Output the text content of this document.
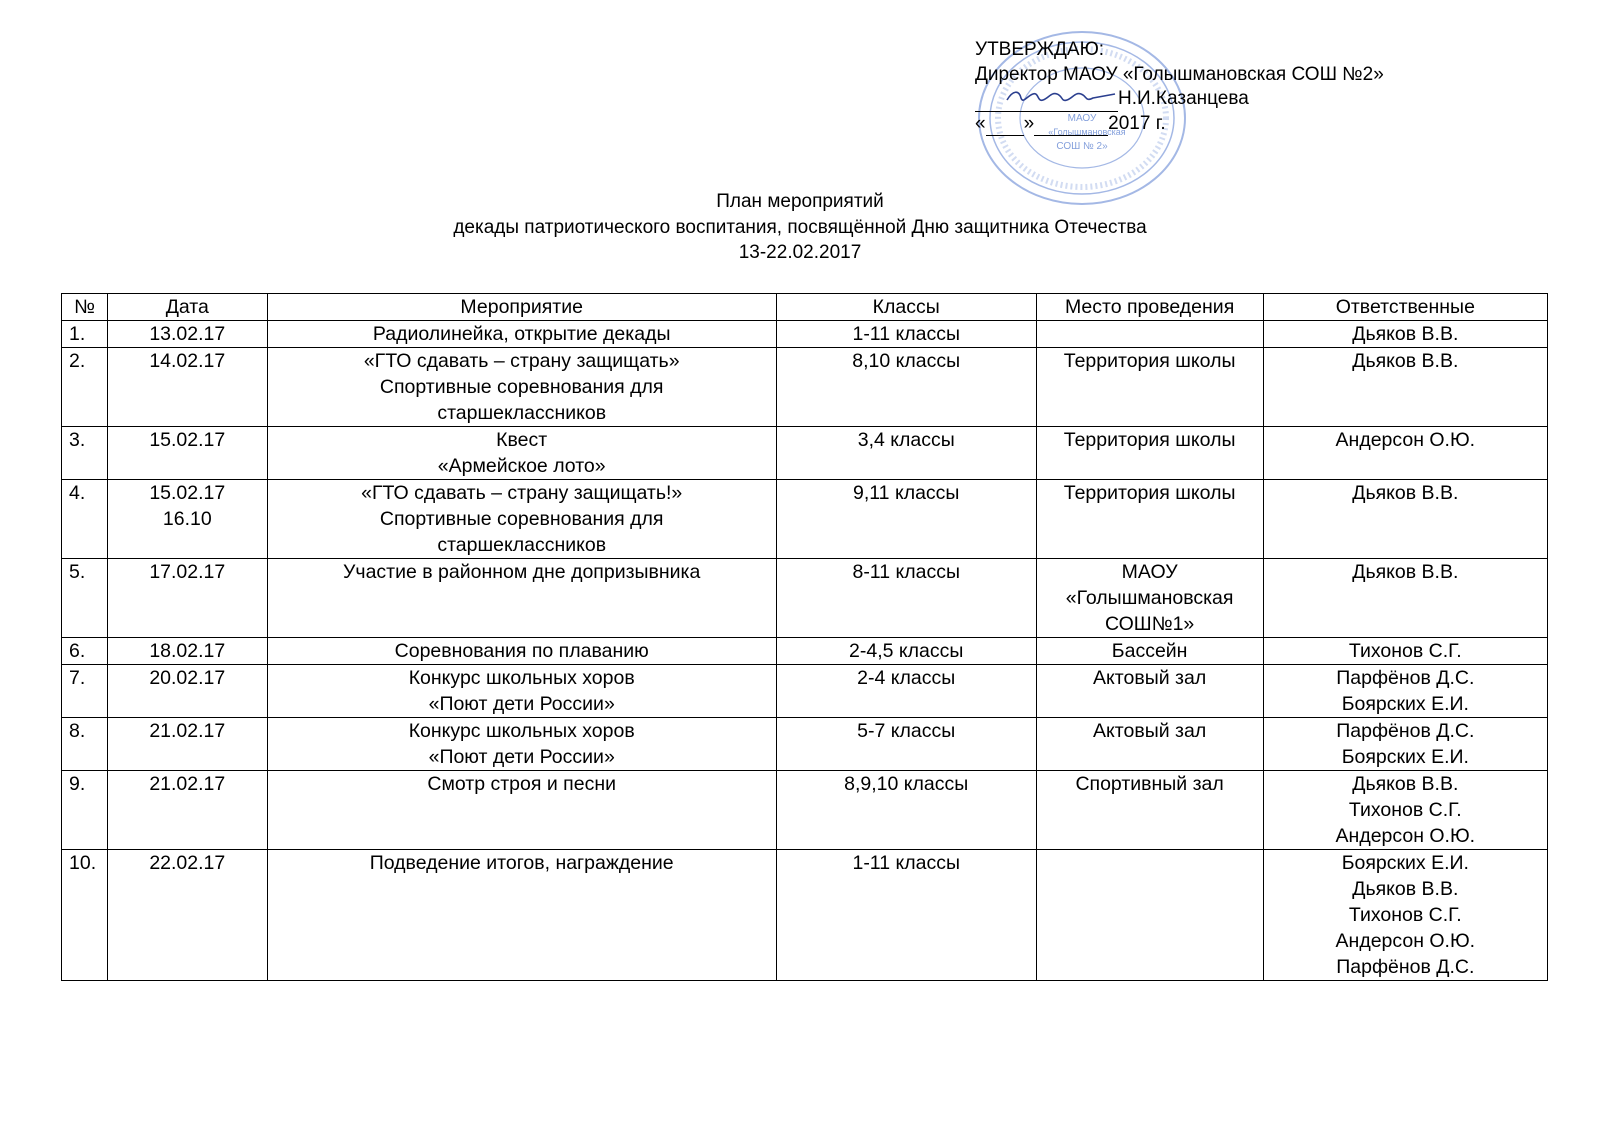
МАОУ
«Голышмановская
СОШ № 2»
УТВЕРЖДАЮ:
Директор МАОУ «Голышмановская СОШ №2»
Н.И.Казанцева
« »	2017 г.
План мероприятий
декады патриотического воспитания, посвящённой Дню защитника Отечества
13-22.02.2017
№	Дата	Мероприятие	Классы	Место проведения	Ответственные
1.	13.02.17	Радиолинейка, открытие декады	1-11 классы		Дьяков В.В.
2.	14.02.17	«ГТО сдавать – страну защищать»
Спортивные соревнования для
старшеклассников	8,10 классы	Территория школы	Дьяков В.В.
3.	15.02.17	Квест
«Армейское лото»	3,4 классы	Территория школы	Андерсон О.Ю.
4.	15.02.17
16.10	«ГТО сдавать – страну защищать!»
Спортивные соревнования для
старшеклассников	9,11 классы	Территория школы	Дьяков В.В.
5.	17.02.17	Участие в районном дне допризывника	8-11 классы	МАОУ
«Голышмановская
СОШ№1»	Дьяков В.В.
6.	18.02.17	Соревнования по плаванию	2-4,5 классы	Бассейн	Тихонов С.Г.
7.	20.02.17	Конкурс школьных хоров
«Поют дети России»	2-4 классы	Актовый зал	Парфёнов Д.С.
Боярских Е.И.
8.	21.02.17	Конкурс школьных хоров
«Поют дети России»	5-7 классы	Актовый зал	Парфёнов Д.С.
Боярских Е.И.
9.	21.02.17	Смотр строя и песни	8,9,10 классы	Спортивный зал	Дьяков В.В.
Тихонов С.Г.
Андерсон О.Ю.
10.	22.02.17	Подведение итогов, награждение	1-11 классы		Боярских Е.И.
Дьяков В.В.
Тихонов С.Г.
Андерсон О.Ю.
Парфёнов Д.С.
